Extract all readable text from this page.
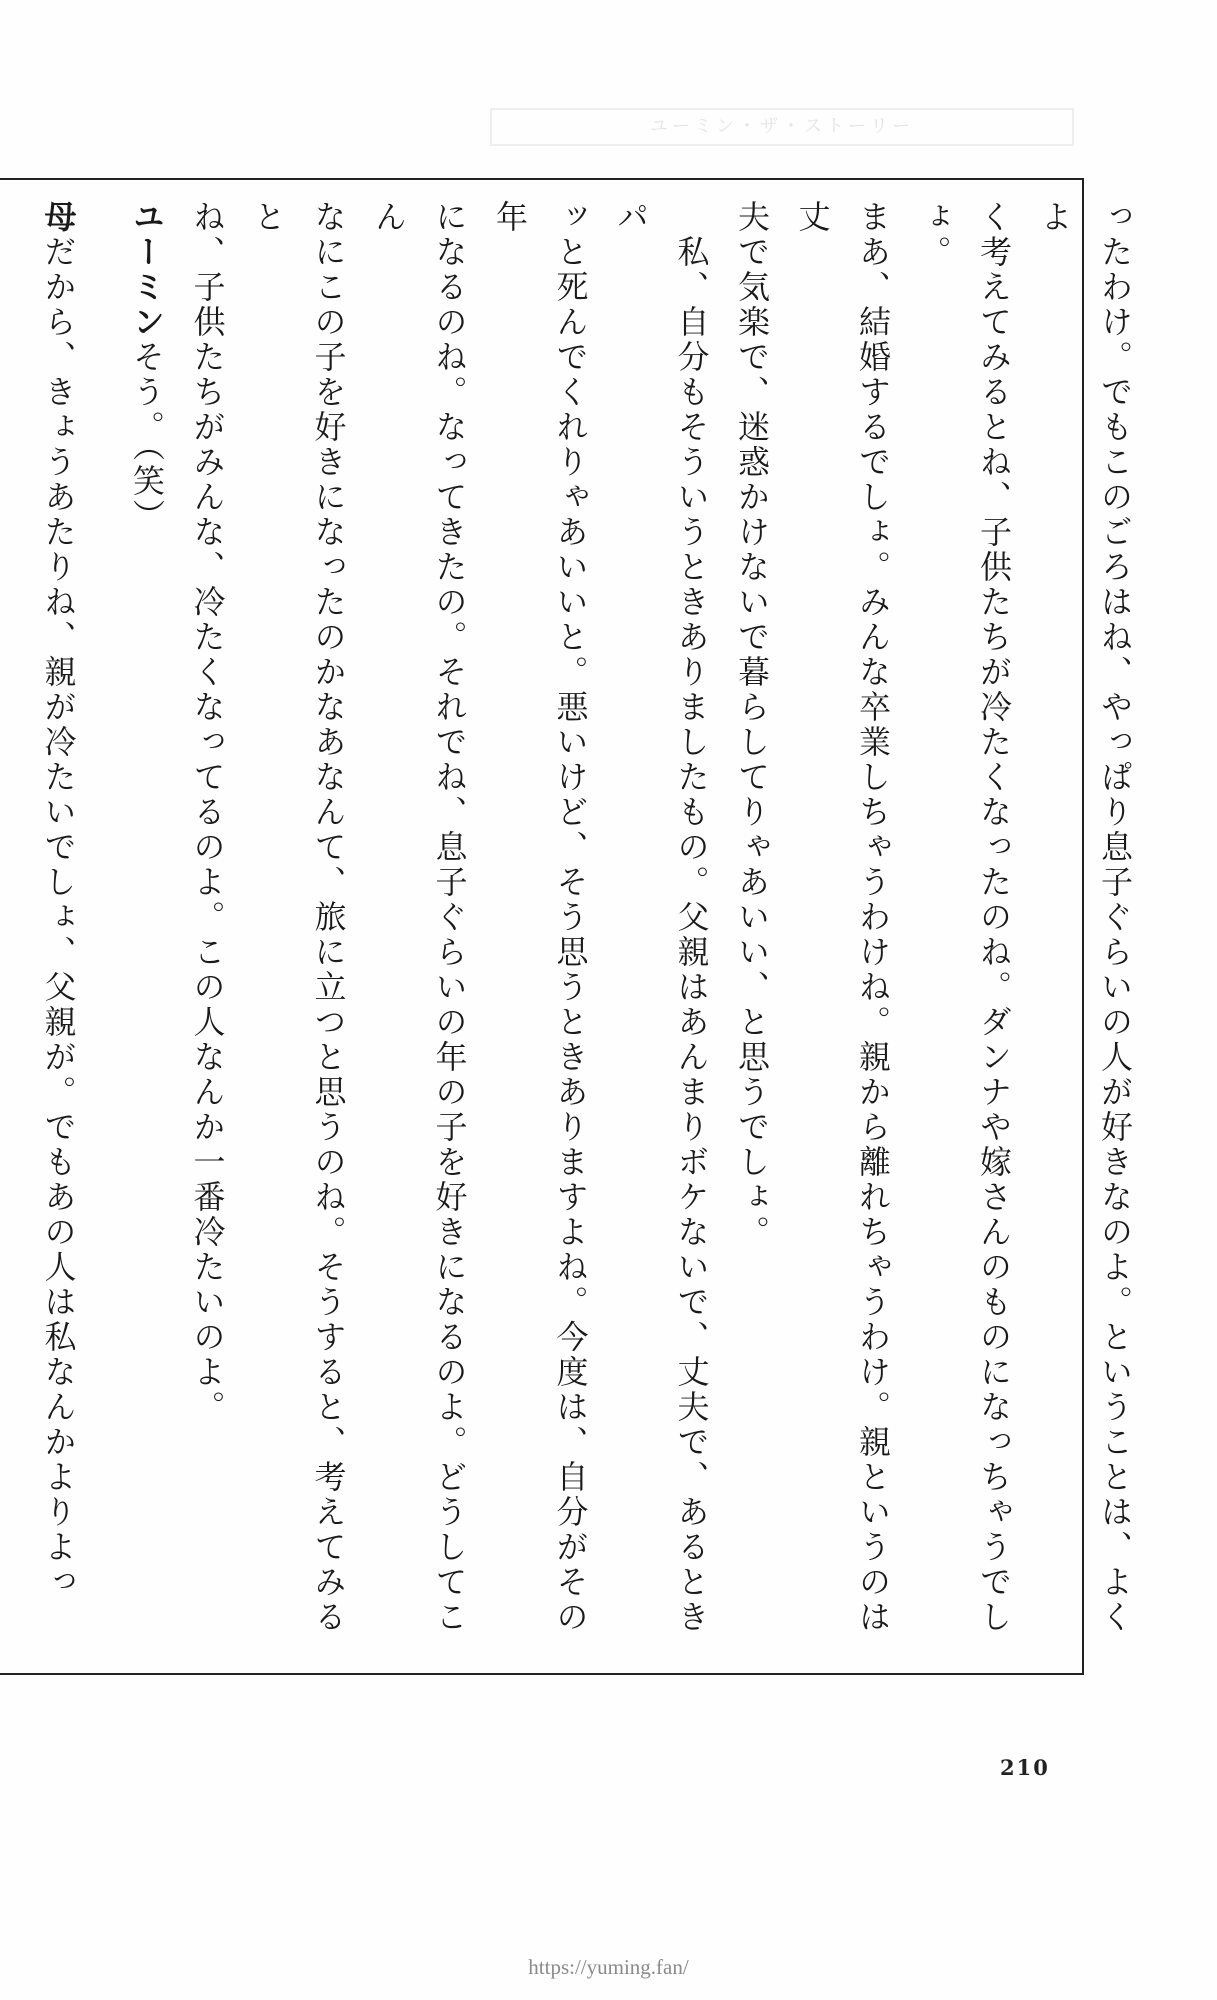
ユーミン・ザ・ストーリー

ったわけ。でもこのごろはね、やっぱり息子ぐらいの人が好きなのよ。ということは、よくよ

く考えてみるとね、子供たちが冷たくなったのね。ダンナや嫁さんのものになっちゃうでしょ。

まあ、結婚するでしょ。みんな卒業しちゃうわけね。親から離れちゃうわけ。親というのは丈

夫で気楽で、迷惑かけないで暮らしてりゃあいい、と思うでしょ。

　私、自分もそういうときありましたもの。父親はあんまりボケないで、丈夫で、あるときパ

ッと死んでくれりゃあいいと。悪いけど、そう思うときありますよね。今度は、自分がその年

になるのね。なってきたの。それでね、息子ぐらいの年の子を好きになるのよ。どうしてこん

なにこの子を好きになったのかなあなんて、旅に立つと思うのね。そうすると、考えてみると

ね、子供たちがみんな、冷たくなってるのよ。この人なんか一番冷たいのよ。

ユーミンそう。（笑）

母だから、きょうあたりね、親が冷たいでしょ、父親が。でもあの人は私なんかよりよっ

210
https://yuming.fan/
